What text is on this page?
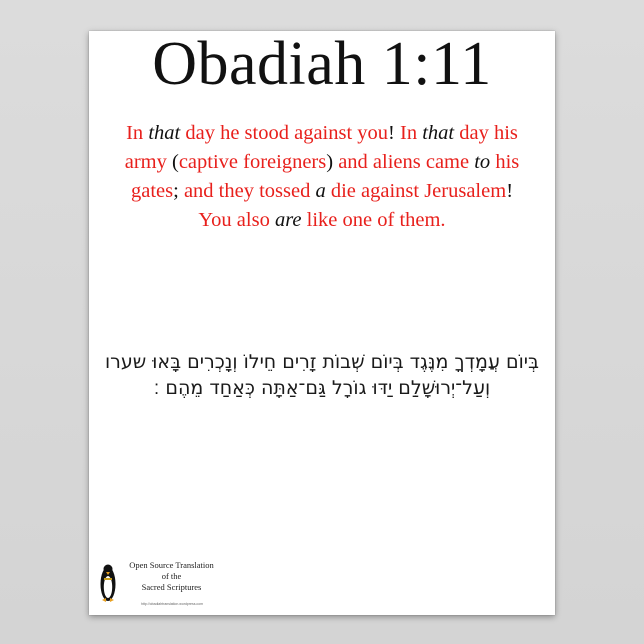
Obadiah 1:11
In that day he stood against you! In that day his
army (captive foreigners) and aliens came to his
gates; and they tossed a die against Jerusalem!
You also are like one of them.
בְּיוֹם עֲמָדְךָ מִנֶּגֶד בְּיוֹם שְׁבוֹת זָרִים חֵילוֹ וְנָכְרִים בָּאוּ שערו
וְעַל־יְרוּשָׁלִַם יַדּוּ גוֹרָל גַּם־אַתָּה כְּאַחַד מֵהֶם ׃
Open Source Translation
of the
Sacred Scriptures
http://obadiahtranslation.wordpress.com
